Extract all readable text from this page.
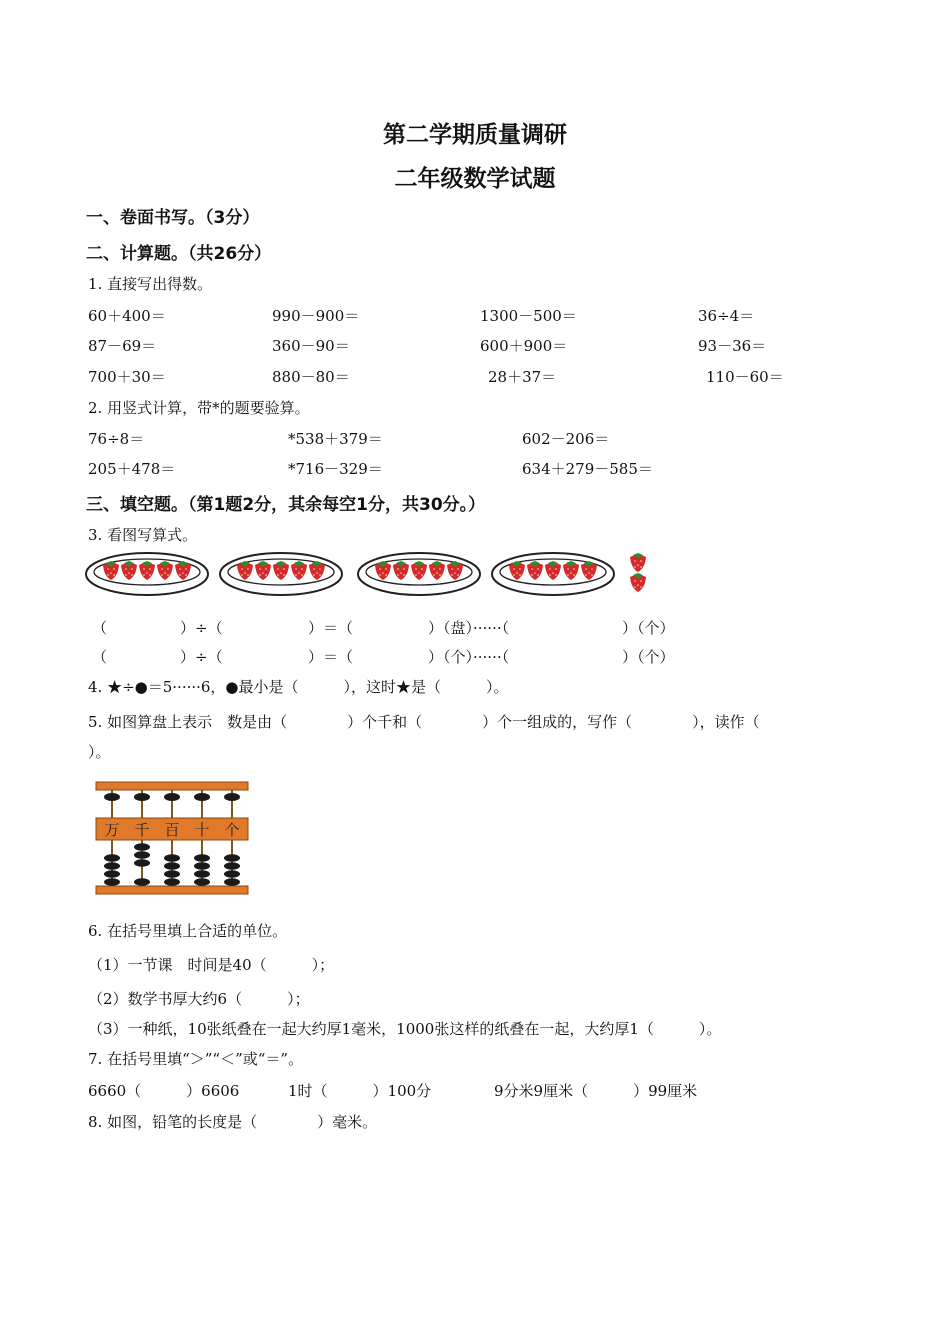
第二学期质量调研
二年级数学试题
一、卷面书写。（3分）
二、计算题。（共26分）
1. 直接写出得数。
60＋400＝	990－900＝	1300－500＝	36÷4＝
87－69＝	360－90＝	600＋900＝	93－36＝
700＋30＝	880－80＝	28＋37＝	110－60＝
2. 用竖式计算，带*的题要验算。
76÷8＝	*538＋379＝	602－206＝
205＋478＝	*716－329＝	634＋279－585＝
三、填空题。（第1题2分，其余每空1分，共30分。）
3. 看图写算式。
（	）÷（	）＝（	）（盘）······（	）（个）
（	）÷（	）＝（	）（个）······（	）（个）
4. ★÷●＝5······6，●最小是（　　　），这时★是（　　　）。
5. 如图算盘上表示　数是由（　　　　）个千和（　　　　）个一组成的，写作（　　　　），读作（
）。
万 千 百 十 个
6. 在括号里填上合适的单位。
（1）一节课　时间是40（　　　）；
（2）数学书厚大约6（　　　）；
（3）一种纸，10张纸叠在一起大约厚1毫米，1000张这样的纸叠在一起，大约厚1（　　　）。
7. 在括号里填“＞”“＜”或“＝”。
6660（　　　）6606	1时（　　　）100分	9分米9厘米（　　　）99厘米
8. 如图，铅笔的长度是（　　　　）毫米。
